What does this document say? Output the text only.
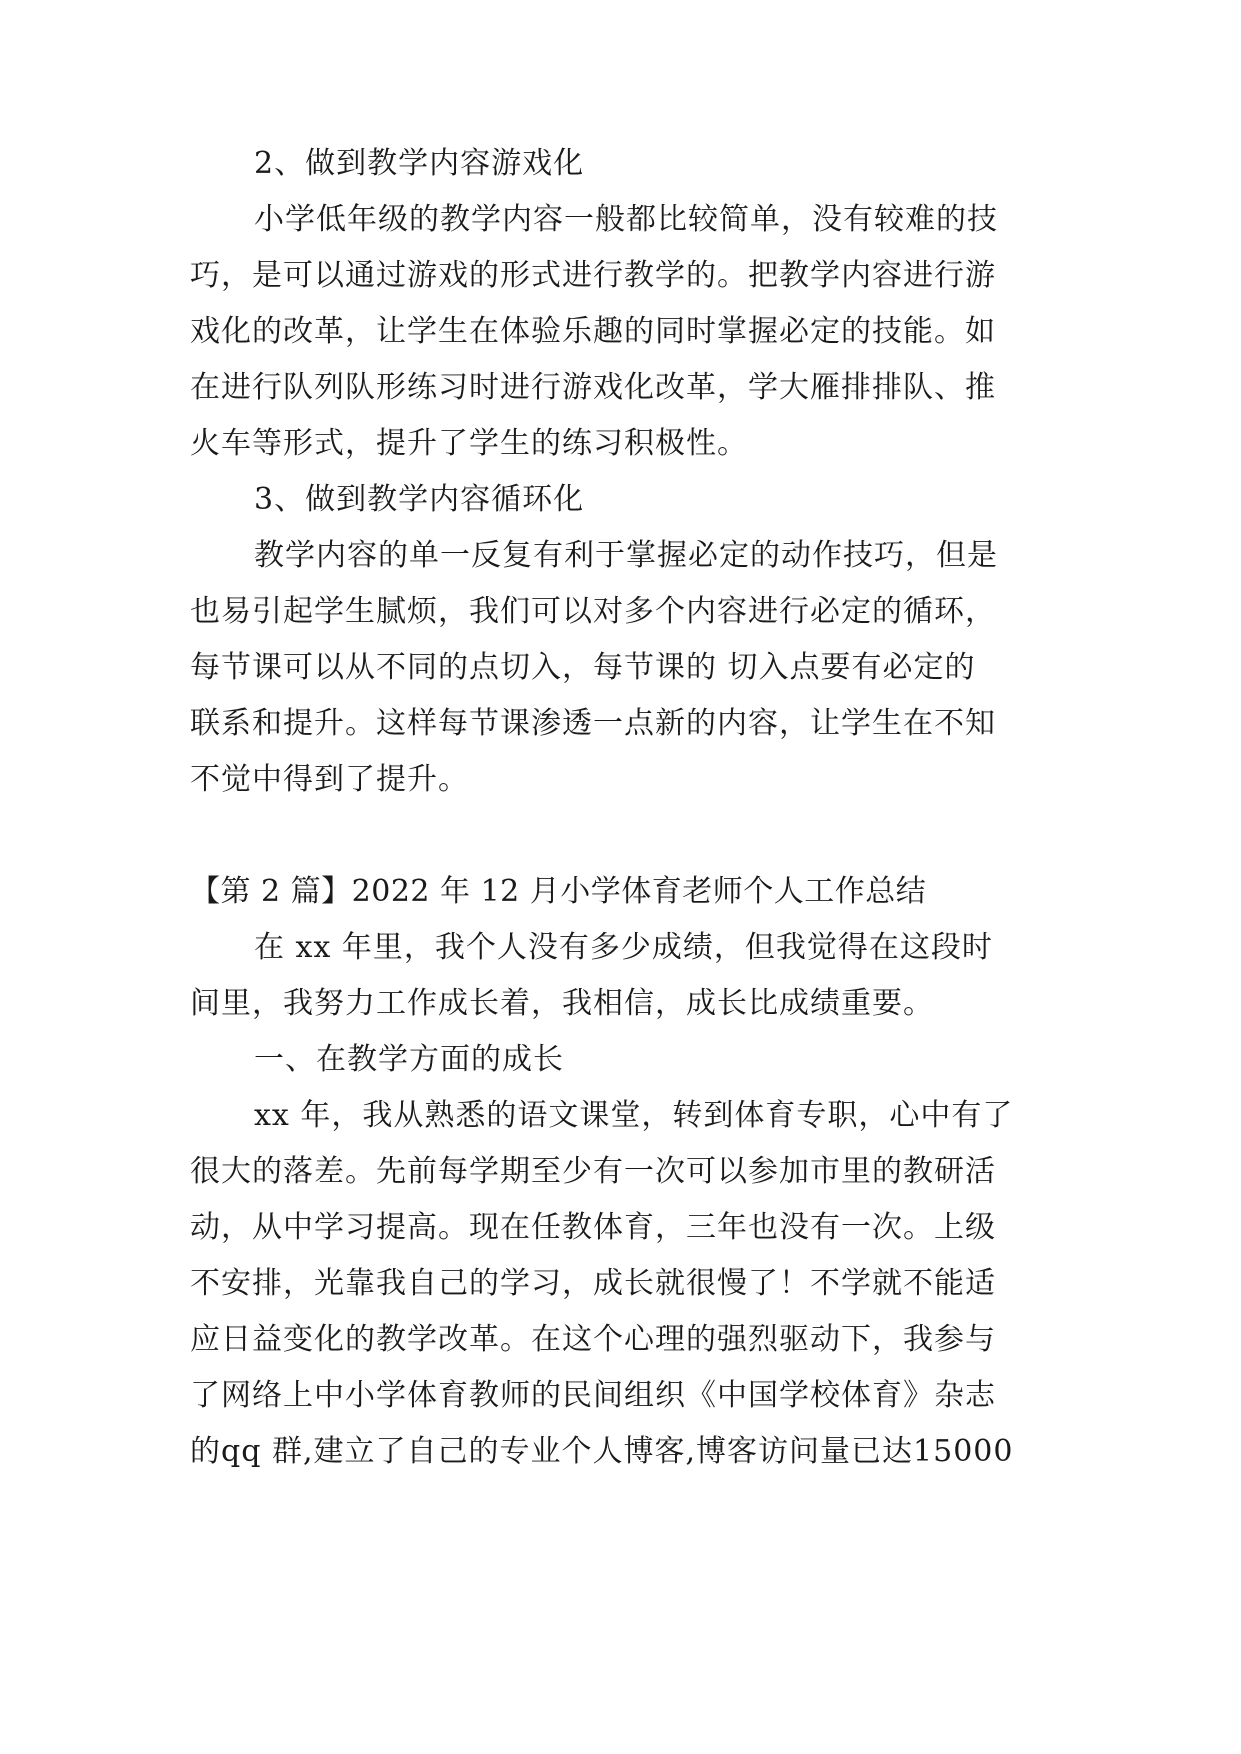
2、做到教学内容游戏化
小学低年级的教学内容一般都比较简单，没有较难的技
巧，是可以通过游戏的形式进行教学的。把教学内容进行游
戏化的改革，让学生在体验乐趣的同时掌握必定的技能。如
在进行队列队形练习时进行游戏化改革，学大雁排排队、推
火车等形式，提升了学生的练习积极性。
3、做到教学内容循环化
教学内容的单一反复有利于掌握必定的动作技巧，但是
也易引起学生腻烦，我们可以对多个内容进行必定的循环，
每节课可以从不同的点切入，每节课的 切入点要有必定的
联系和提升。这样每节课渗透一点新的内容，让学生在不知
不觉中得到了提升。
【第 2 篇】2022 年 12 月小学体育老师个人工作总结
在 xx 年里，我个人没有多少成绩，但我觉得在这段时
间里，我努力工作成长着，我相信，成长比成绩重要。
一、在教学方面的成长
xx 年，我从熟悉的语文课堂，转到体育专职，心中有了
很大的落差。先前每学期至少有一次可以参加市里的教研活
动，从中学习提高。现在任教体育，三年也没有一次。上级
不安排，光靠我自己的学习，成长就很慢了！不学就不能适
应日益变化的教学改革。在这个心理的强烈驱动下，我参与
了网络上中小学体育教师的民间组织《中国学校体育》杂志
的qq 群,建立了自己的专业个人博客,博客访问量已达15000
